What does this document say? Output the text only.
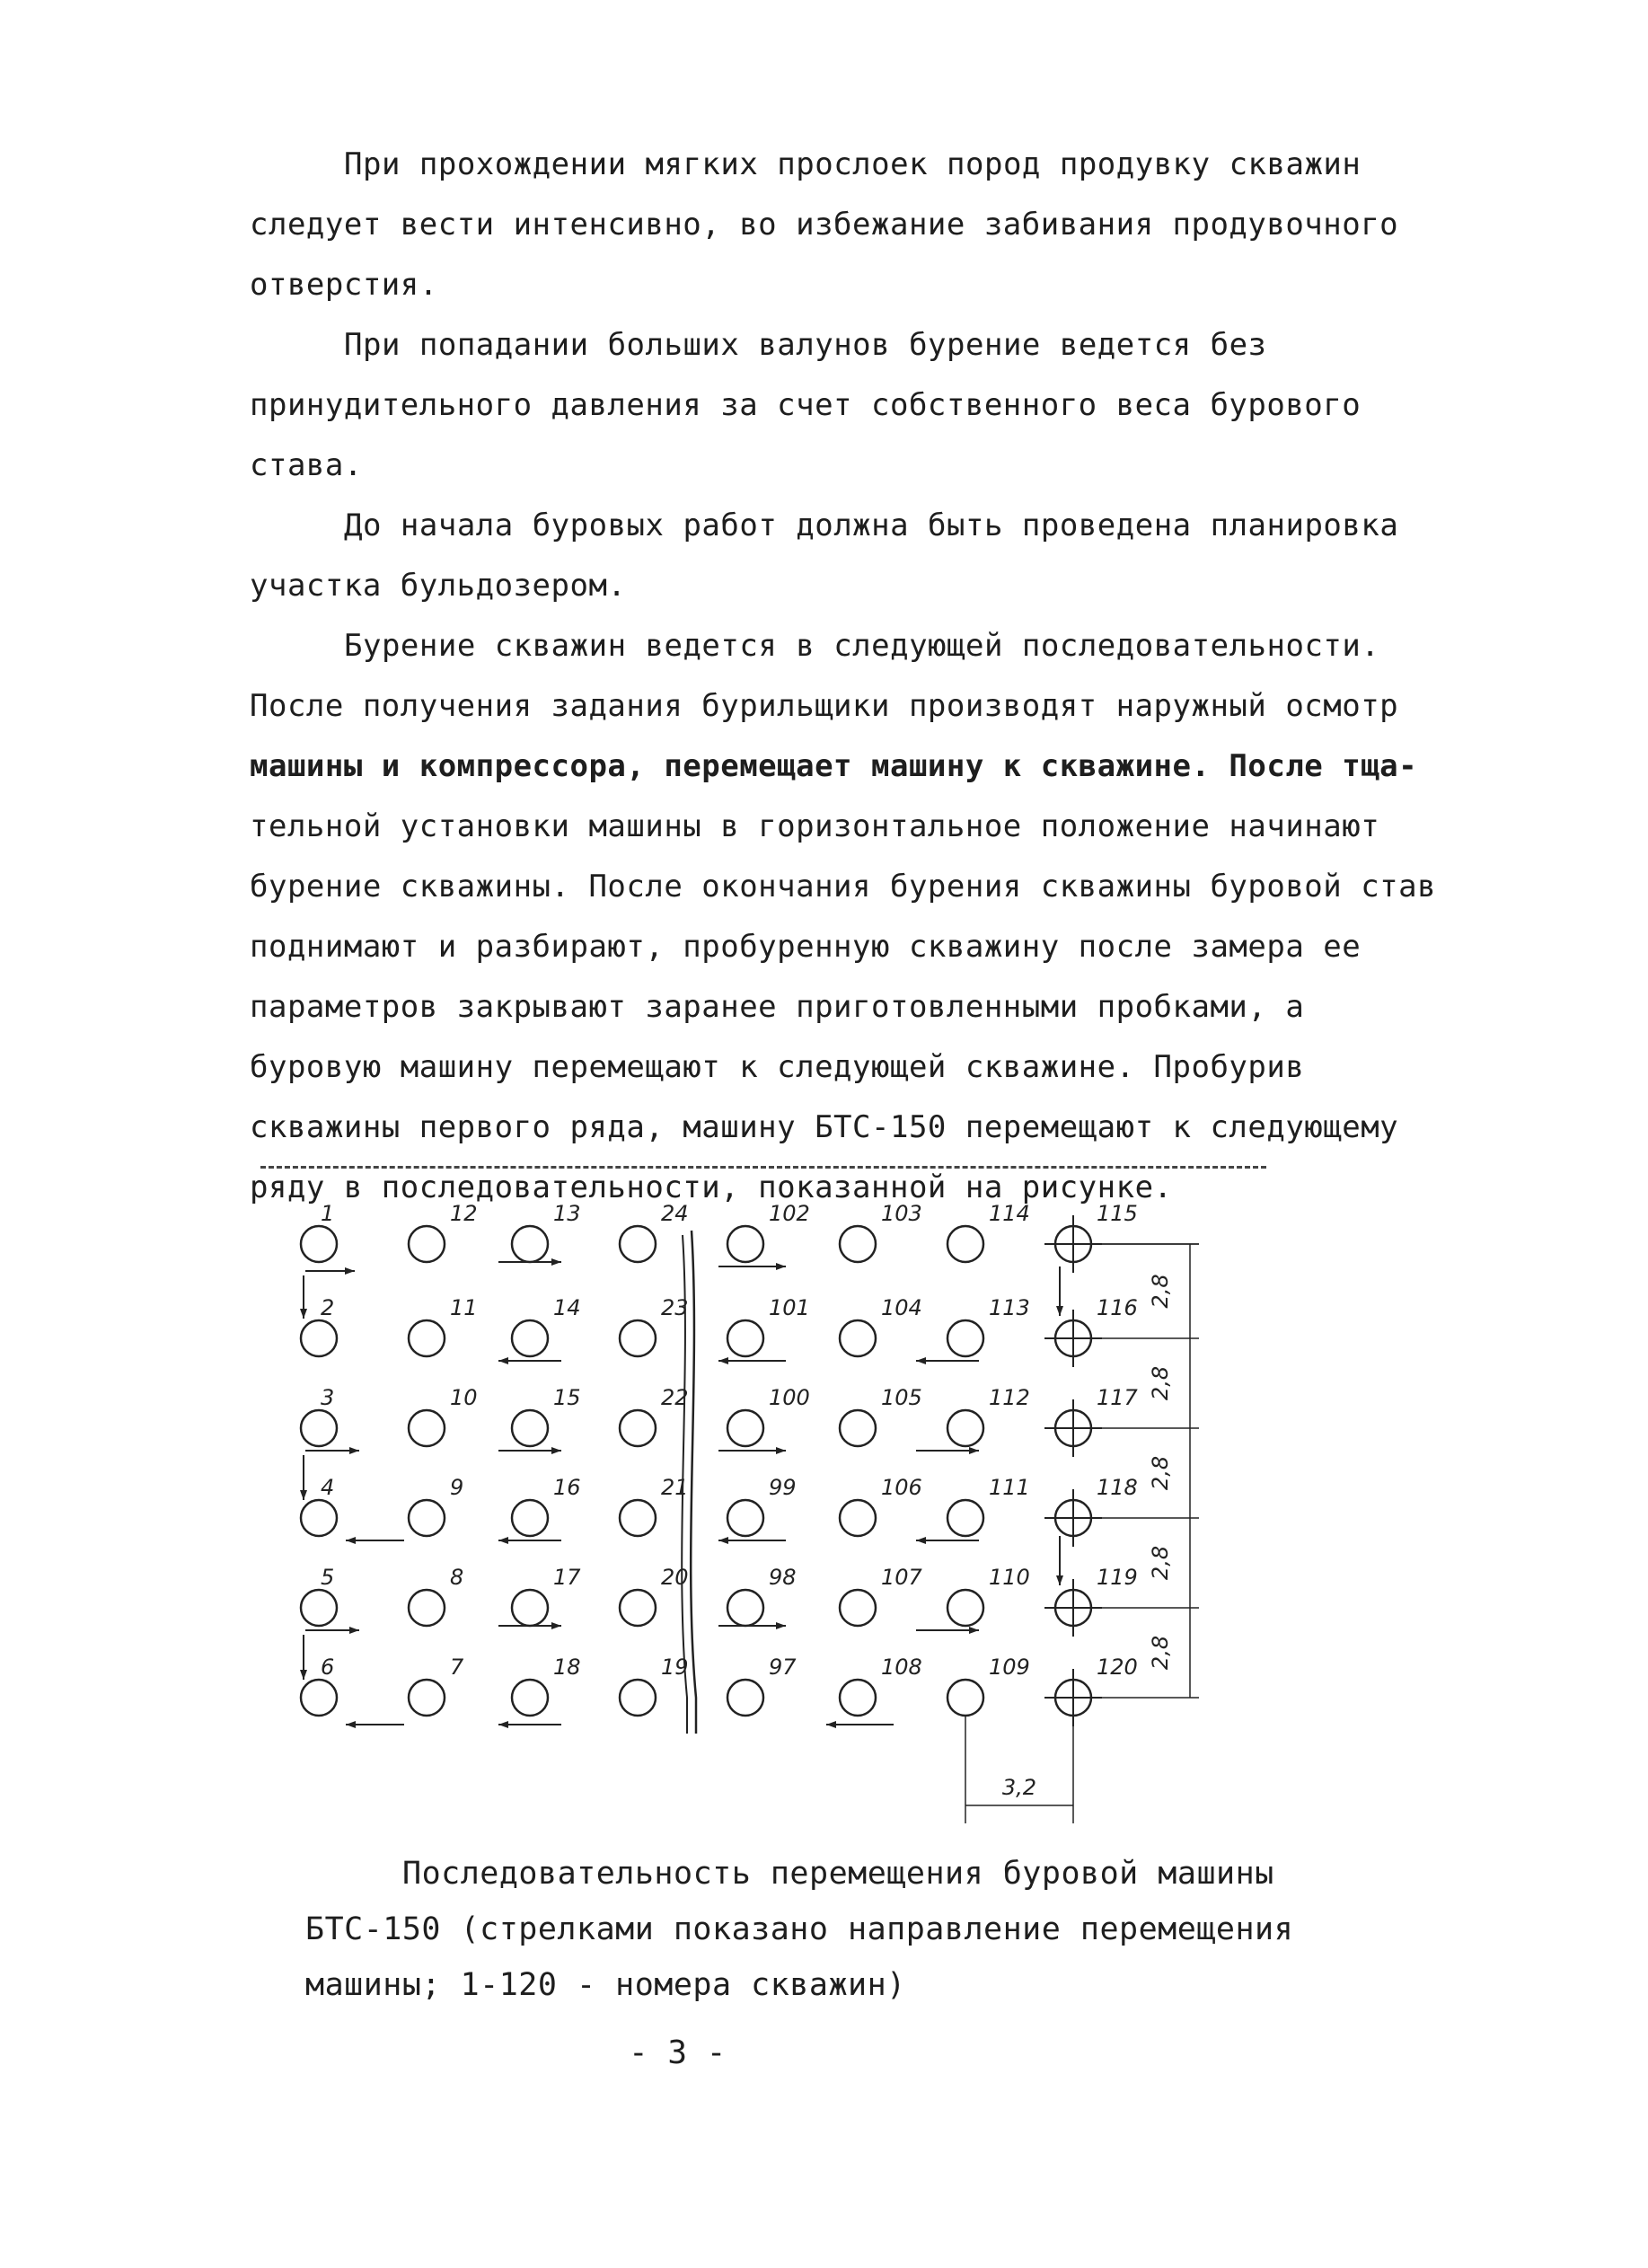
При прохождении мягких прослоек пород продувку скважин следует вести интенсивно, во избежание забивания продувочного отверстия.

При попадании больших валунов бурение ведется без принудительного давления за счет собственного веса бурового става.

До начала буровых работ должна быть проведена планировка участка бульдозером.

Бурение скважин ведется в следующей последовательности. После получения задания бурильщики производят наружный осмотр машины и компрессора, перемещает машину к скважине. После тща-тельной установки машины в горизонтальное положение начинают бурение скважины. После окончания бурения скважины буровой став поднимают и разбирают, пробуренную скважину после замера ее параметров закрывают заранее приготовленными пробками, а буровую машину перемещают к следующей скважине. Пробурив скважины первого ряда, машину БТС-150 перемещают к следующему ряду в последовательности, показанной на рисунке.

1
2
3
4
5
6
12
11
10
9
8
7
13
14
15
16
17
18
24
23
22
21
20
19
102
101
100
99
98
97
103
104
105
106
107
108
114
113
112
111
110
109
115
116
117
118
119
120
2,8
2,8
2,8
2,8
2,8
3,2

Последовательность перемещения буровой машины

БТС-150 (стрелками показано направление перемещения

машины; 1-120 - номера скважин)

- 3 -
